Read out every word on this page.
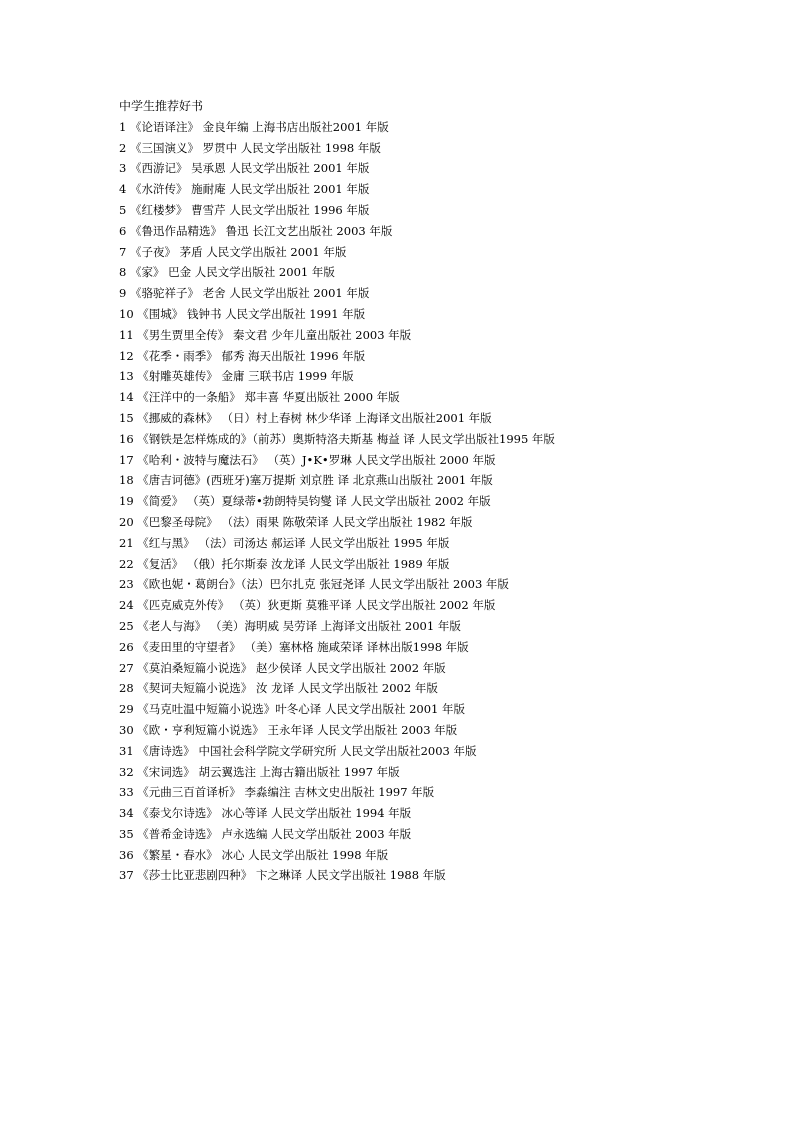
中学生推荐好书
1 《论语译注》 金良年编 上海书店出版社2001 年版
2 《三国演义》 罗贯中 人民文学出版社 1998 年版
3 《西游记》 吴承恩 人民文学出版社 2001 年版
4 《水浒传》 施耐庵 人民文学出版社 2001 年版
5 《红楼梦》 曹雪芹 人民文学出版社 1996 年版
6 《鲁迅作品精选》 鲁迅 长江文艺出版社 2003 年版
7 《子夜》 茅盾 人民文学出版社 2001 年版
8 《家》 巴金 人民文学出版社 2001 年版
9 《骆驼祥子》 老舍 人民文学出版社 2001 年版
10 《围城》 钱钟书 人民文学出版社 1991 年版
11 《男生贾里全传》 秦文君 少年儿童出版社 2003 年版
12 《花季・雨季》 郁秀 海天出版社 1996 年版
13 《射雕英雄传》 金庸 三联书店 1999 年版
14 《汪洋中的一条船》 郑丰喜 华夏出版社 2000 年版
15 《挪威的森林》 （日）村上春树 林少华译 上海译文出版社2001 年版
16 《钢铁是怎样炼成的》（前苏）奥斯特洛夫斯基 梅益 译 人民文学出版社1995 年版
17 《哈利・波特与魔法石》 （英）J•K•罗琳 人民文学出版社 2000 年版
18 《唐吉诃德》(西班牙)塞万提斯 刘京胜 译 北京燕山出版社 2001 年版
19 《简爱》 （英）夏绿蒂•勃朗特吴钧燮 译 人民文学出版社 2002 年版
20 《巴黎圣母院》 （法）雨果 陈敬荣译 人民文学出版社 1982 年版
21 《红与黑》 （法）司汤达 郝运译 人民文学出版社 1995 年版
22 《复活》 （俄）托尔斯泰 汝龙译 人民文学出版社 1989 年版
23 《欧也妮・葛朗台》（法）巴尔扎克 张冠尧译 人民文学出版社 2003 年版
24 《匹克威克外传》 （英）狄更斯 莫雅平译 人民文学出版社 2002 年版
25 《老人与海》 （美）海明威 吴劳译 上海译文出版社 2001 年版
26 《麦田里的守望者》 （美）塞林格 施咸荣译 译林出版1998 年版
27 《莫泊桑短篇小说选》 赵少侯译 人民文学出版社 2002 年版
28 《契诃夫短篇小说选》 汝 龙译 人民文学出版社 2002 年版
29 《马克吐温中短篇小说选》叶冬心译 人民文学出版社 2001 年版
30 《欧・亨利短篇小说选》 王永年译 人民文学出版社 2003 年版
31 《唐诗选》 中国社会科学院文学研究所 人民文学出版社2003 年版
32 《宋词选》 胡云翼选注 上海古籍出版社 1997 年版
33 《元曲三百首译析》 李淼编注 吉林文史出版社 1997 年版
34 《泰戈尔诗选》 冰心等译 人民文学出版社 1994 年版
35 《普希金诗选》 卢永选编 人民文学出版社 2003 年版
36 《繁星・春水》 冰心 人民文学出版社 1998 年版
37 《莎士比亚悲剧四种》 卞之琳译 人民文学出版社 1988 年版
